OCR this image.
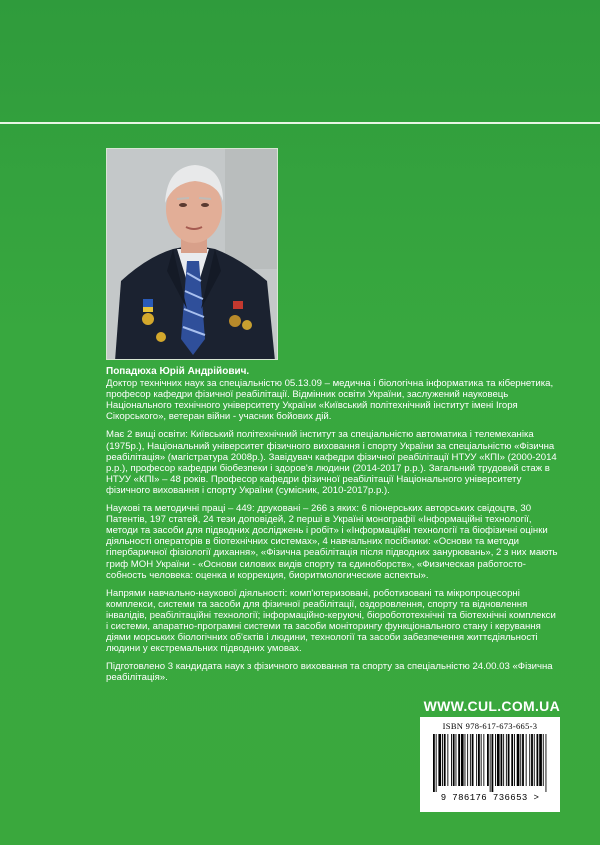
Попадюха Юрій Андрійович.
Доктор технічних наук за спеціальністю 05.13.09 – медична і біологічна інформатика та кібернетика, професор кафедри фізичної реабілітації. Відмінник освіти України, заслужений науковець Національного технічного університету України «Київський політехнічний інститут імені Ігоря Сікорського», ветеран війни - учасник бойових дій.
Має 2 вищі освіти: Київський політехнічний інститут за спеціальністю автоматика і телемеханіка (1975р.), Національний університет фізичного виховання і спорту України за спеціальністю «Фізична реабілітація» (магістратура 2008р.). Завідувач кафедри фізичної реабілітації НТУУ «КПІ» (2000-2014 р.р.), професор кафедри біобезпеки і здоров'я людини (2014-2017 р.р.). Загальний трудовий стаж в НТУУ «КПІ» – 48 років. Професор кафедри фізичної реабілітації Національного університету фізичного виховання і спорту України (сумісник, 2010-2017р.р.).
Наукові та методичні праці – 449: друковані – 266 з яких: 6 піонерських авторських свідоцтв, 30 Патентів, 197 статей, 24 тези доповідей, 2 перші в Україні монографії «Інформаційні технології, методи та засоби для підводних досліджень і робіт» і «Інформаційні технології та біофізичні оцінки діяльності операторів в біотехнічних системах», 4 навчальних посібники: «Основи та методи гіпербаричної фізіології дихання», «Фізична реабілітація після підводних занурювань», 2 з них мають гриф МОН України - «Основи силових видів спорту та єдиноборств», «Физическая работосто-собность человека: оценка и коррекция, биоритмологические аспекты».
Напрями навчально-наукової діяльності: комп'ютеризовані, роботизовані та мікропроцесорні комплекси, системи та засоби для фізичної реабілітації, оздоровлення, спорту та відновлення інвалідів, реабілітаційні технології; інформаційно-керуючі, біоробототехнічні та біотехнічні комплекси і системи, апаратно-програмні системи та засоби моніторингу функціонального стану і керування діями морських біологічних об'єктів і людини, технології та засоби забезпечення життєдіяльності людини у екстремальних підводних умовах.
Підготовлено 3 кандидата наук з фізичного виховання та спорту за спеціальністю 24.00.03 «Фізична реабілітація».
WWW.CUL.COM.UA
ISBN 978-617-673-665-3
9 786176 736653 >
